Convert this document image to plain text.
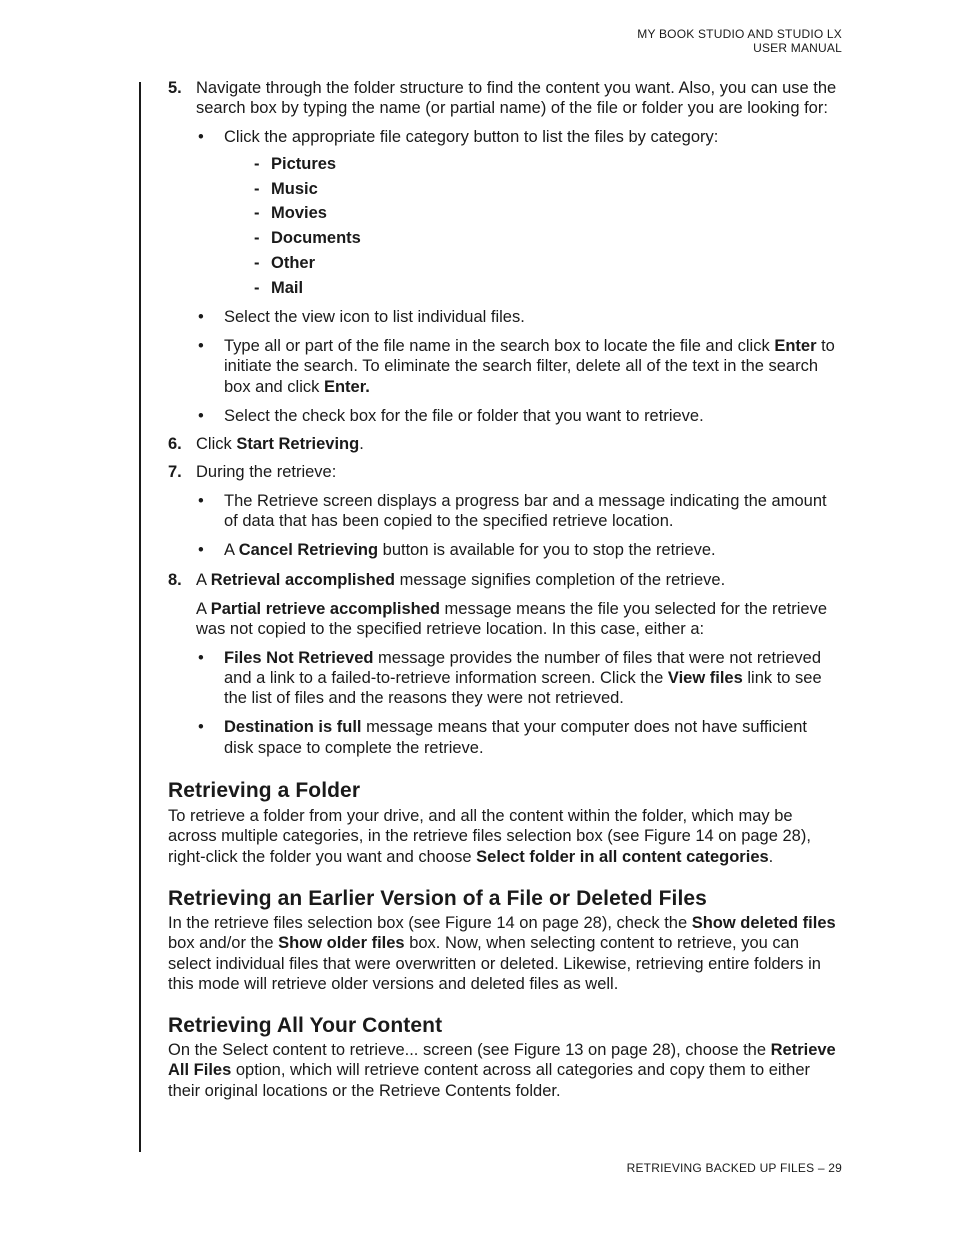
MY BOOK STUDIO AND STUDIO LX
USER MANUAL
5. Navigate through the folder structure to find the content you want. Also, you can use the search box by typing the name (or partial name) of the file or folder you are looking for:

• Click the appropriate file category button to list the files by category:
- Pictures
- Music
- Movies
- Documents
- Other
- Mail
• Select the view icon to list individual files.
• Type all or part of the file name in the search box to locate the file and click Enter to initiate the search. To eliminate the search filter, delete all of the text in the search box and click Enter.
• Select the check box for the file or folder that you want to retrieve.
6. Click Start Retrieving.

7. During the retrieve:

• The Retrieve screen displays a progress bar and a message indicating the amount of data that has been copied to the specified retrieve location.
• A Cancel Retrieving button is available for you to stop the retrieve.
8. A Retrieval accomplished message signifies completion of the retrieve.

A Partial retrieve accomplished message means the file you selected for the retrieve was not copied to the specified retrieve location. In this case, either a:

• Files Not Retrieved message provides the number of files that were not retrieved and a link to a failed-to-retrieve information screen. Click the View files link to see the list of files and the reasons they were not retrieved.
• Destination is full message means that your computer does not have sufficient disk space to complete the retrieve.
Retrieving a Folder

To retrieve a folder from your drive, and all the content within the folder, which may be across multiple categories, in the retrieve files selection box (see Figure 14 on page 28), right-click the folder you want and choose Select folder in all content categories.

Retrieving an Earlier Version of a File or Deleted Files

In the retrieve files selection box (see Figure 14 on page 28), check the Show deleted files box and/or the Show older files box. Now, when selecting content to retrieve, you can select individual files that were overwritten or deleted. Likewise, retrieving entire folders in this mode will retrieve older versions and deleted files as well.

Retrieving All Your Content

On the Select content to retrieve... screen (see Figure 13 on page 28), choose the Retrieve All Files option, which will retrieve content across all categories and copy them to either their original locations or the Retrieve Contents folder.

RETRIEVING BACKED UP FILES – 29
